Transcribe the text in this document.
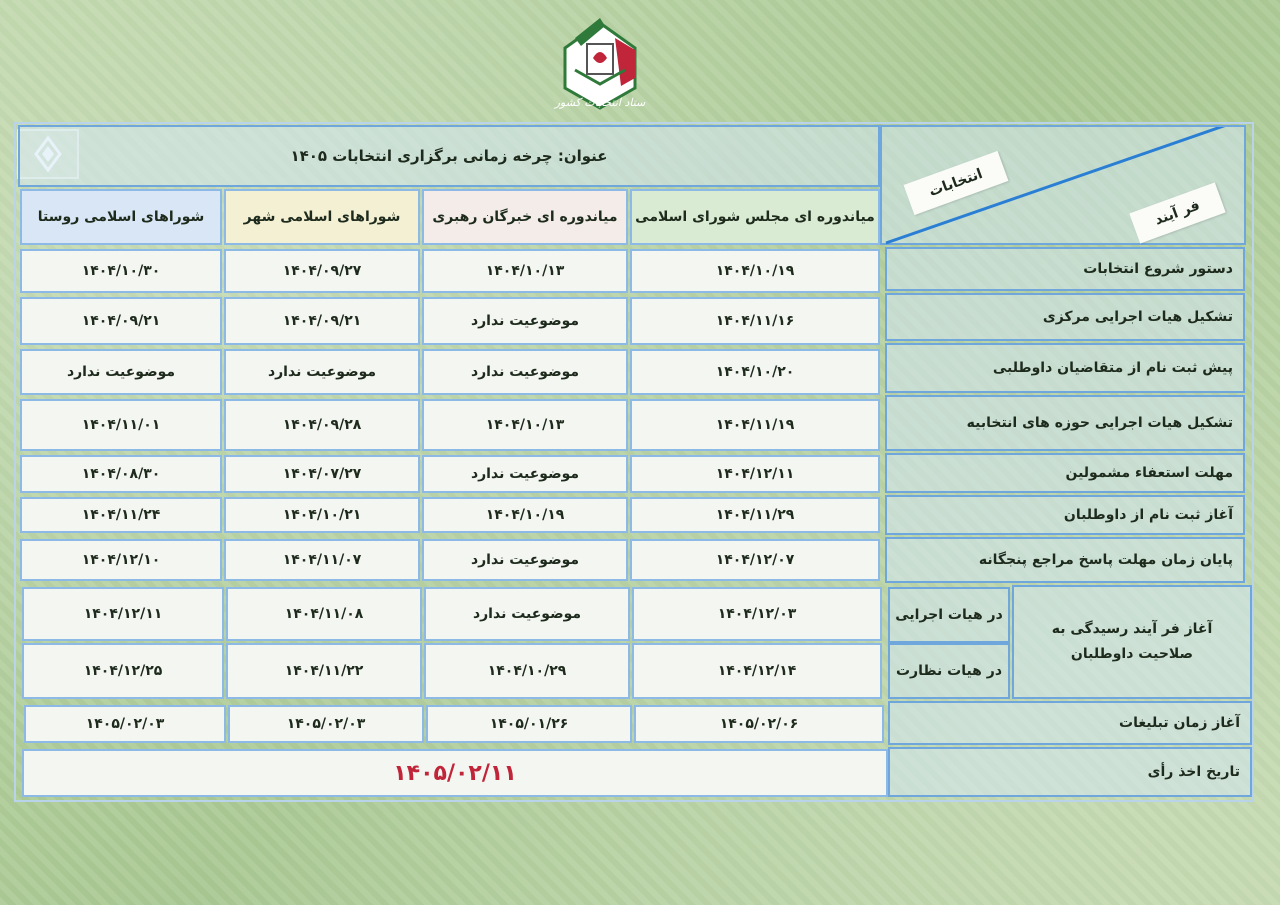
ستاد انتخابات کشور
عنوان: چرخه زمانی برگزاری انتخابات ۱۴۰۵
انتخابات
فر آیند
میاندوره ای مجلس شورای اسلامی
میاندوره ای خبرگان رهبری
شوراهای اسلامی شهر
شوراهای اسلامی روستا
دستور شروع انتخابات
۱۴۰۴/۱۰/۱۹
۱۴۰۴/۱۰/۱۳
۱۴۰۴/۰۹/۲۷
۱۴۰۴/۱۰/۳۰
تشکیل هیات اجرایی مرکزی
۱۴۰۴/۱۱/۱۶
موضوعیت ندارد
۱۴۰۴/۰۹/۲۱
۱۴۰۴/۰۹/۲۱
پیش ثبت نام از متقاضیان داوطلبی
۱۴۰۴/۱۰/۲۰
موضوعیت ندارد
موضوعیت ندارد
موضوعیت ندارد
تشکیل هیات اجرایی حوزه های انتخابیه
۱۴۰۴/۱۱/۱۹
۱۴۰۴/۱۰/۱۳
۱۴۰۴/۰۹/۲۸
۱۴۰۴/۱۱/۰۱
مهلت استعفاء مشمولین
۱۴۰۴/۱۲/۱۱
موضوعیت ندارد
۱۴۰۴/۰۷/۲۷
۱۴۰۴/۰۸/۳۰
آغاز ثبت نام از داوطلبان
۱۴۰۴/۱۱/۲۹
۱۴۰۴/۱۰/۱۹
۱۴۰۴/۱۰/۲۱
۱۴۰۴/۱۱/۲۴
پایان زمان مهلت پاسخ مراجع پنجگانه
۱۴۰۴/۱۲/۰۷
موضوعیت ندارد
۱۴۰۴/۱۱/۰۷
۱۴۰۴/۱۲/۱۰
آغاز فر آیند رسیدگی به صلاحیت داوطلبان
در هیات اجرایی
در هیات نظارت
۱۴۰۴/۱۲/۰۳
موضوعیت ندارد
۱۴۰۴/۱۱/۰۸
۱۴۰۴/۱۲/۱۱
۱۴۰۴/۱۲/۱۴
۱۴۰۴/۱۰/۲۹
۱۴۰۴/۱۱/۲۲
۱۴۰۴/۱۲/۲۵
آغاز زمان تبلیغات
۱۴۰۵/۰۲/۰۶
۱۴۰۵/۰۱/۲۶
۱۴۰۵/۰۲/۰۳
۱۴۰۵/۰۲/۰۳
تاریخ اخذ رأی
۱۴۰۵/۰۲/۱۱
